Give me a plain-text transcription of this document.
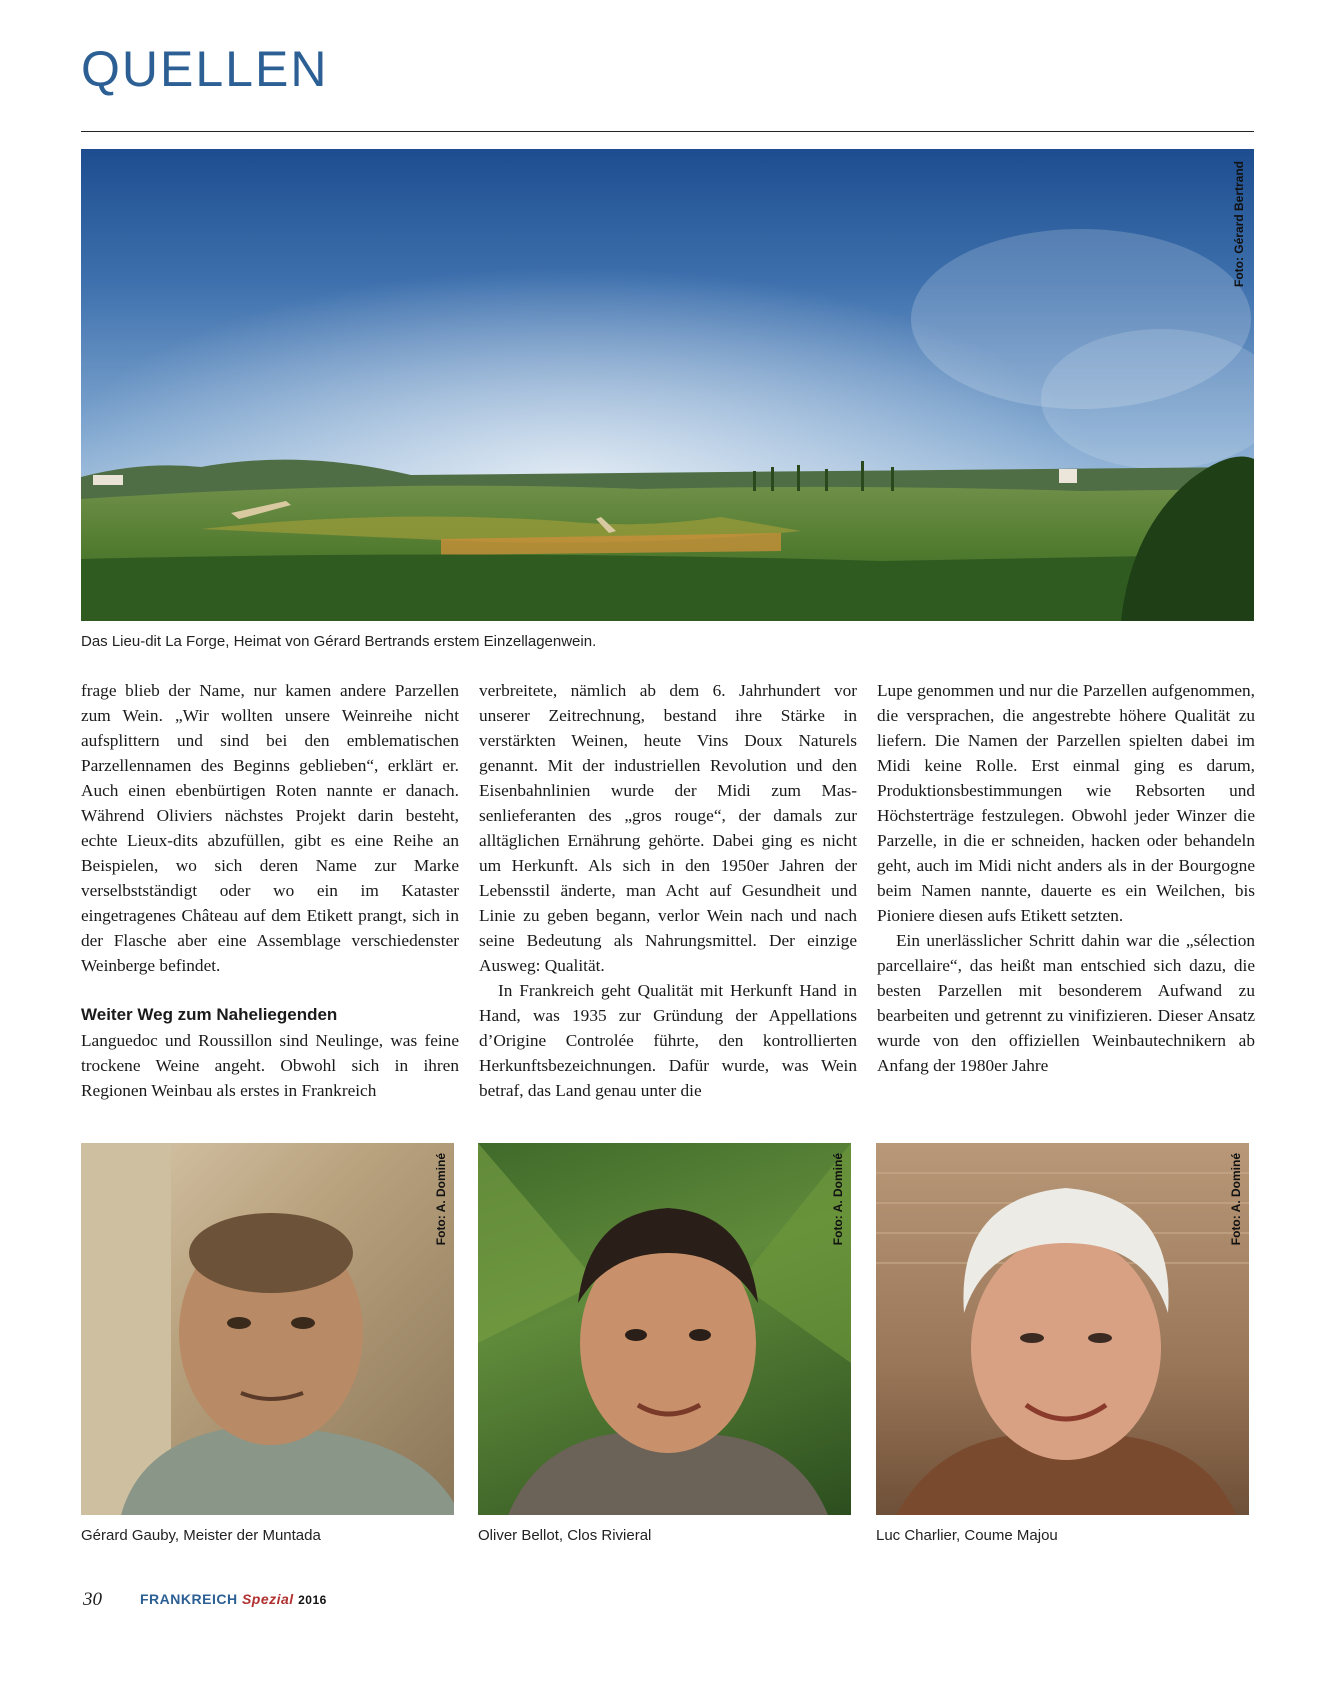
QUELLEN
Foto: Gérard Bertrand
Das Lieu-dit La Forge, Heimat von Gérard Bertrands erstem Einzellagenwein.

frage blieb der Name, nur kamen andere Parzellen zum Wein. „Wir wollten unsere Weinreihe nicht aufsplittern und sind bei den emblematischen Parzellennamen des Beginns geblieben“, erklärt er. Auch einen ebenbürtigen Roten nannte er danach. Während Oliviers nächstes Projekt darin besteht, echte Lieux-dits abzufüllen, gibt es eine Reihe an Beispielen, wo sich deren Name zur Marke verselbstständigt oder wo ein im Kataster eingetragenes Château auf dem Etikett prangt, sich in der Flasche aber eine Assemblage verschiedenster Weinberge befindet.

Weiter Weg zum Naheliegenden

Languedoc und Roussillon sind Neulinge, was feine trockene Weine angeht. Obwohl sich in ihren Regionen Weinbau als erstes in Frankreich

verbreitete, nämlich ab dem 6. Jahrhundert vor unserer Zeitrechnung, bestand ihre Stärke in verstärkten Weinen, heute Vins Doux Naturels genannt. Mit der industriellen Revolution und den Eisenbahnlinien wurde der Midi zum Massenlieferanten des „gros rouge“, der damals zur alltäglichen Ernährung gehörte. Dabei ging es nicht um Herkunft. Als sich in den 1950er Jahren der Lebensstil änderte, man Acht auf Gesundheit und Linie zu geben begann, verlor Wein nach und nach seine Bedeutung als Nahrungsmittel. Der einzige Ausweg: Qualität.

In Frankreich geht Qualität mit Herkunft Hand in Hand, was 1935 zur Gründung der Appellations d’Origine Controlée führte, den kontrollierten Herkunftsbezeichnungen. Dafür wurde, was Wein betraf, das Land genau unter die

Lupe genommen und nur die Parzellen aufgenommen, die versprachen, die angestrebte höhere Qualität zu liefern. Die Namen der Parzellen spielten dabei im Midi keine Rolle. Erst einmal ging es darum, Produktionsbestimmungen wie Rebsorten und Höchsterträge festzulegen. Obwohl jeder Winzer die Parzelle, in die er schneiden, hacken oder behandeln geht, auch im Midi nicht anders als in der Bourgogne beim Namen nannte, dauerte es ein Weilchen, bis Pioniere diesen aufs Etikett setzten.

Ein unerlässlicher Schritt dahin war die „sélection parcellaire“, das heißt man entschied sich dazu, die besten Parzellen mit besonderem Aufwand zu bearbeiten und getrennt zu vinifizieren. Dieser Ansatz wurde von den offiziellen Weinbautechnikern ab Anfang der 1980er Jahre

Foto: A. Dominé	Foto: A. Dominé	Foto: A. Dominé
Gérard Gauby, Meister der Muntada	Oliver Bellot, Clos Rivieral	Luc Charlier, Coume Majou
30	FRANKREICH Spezial 2016
